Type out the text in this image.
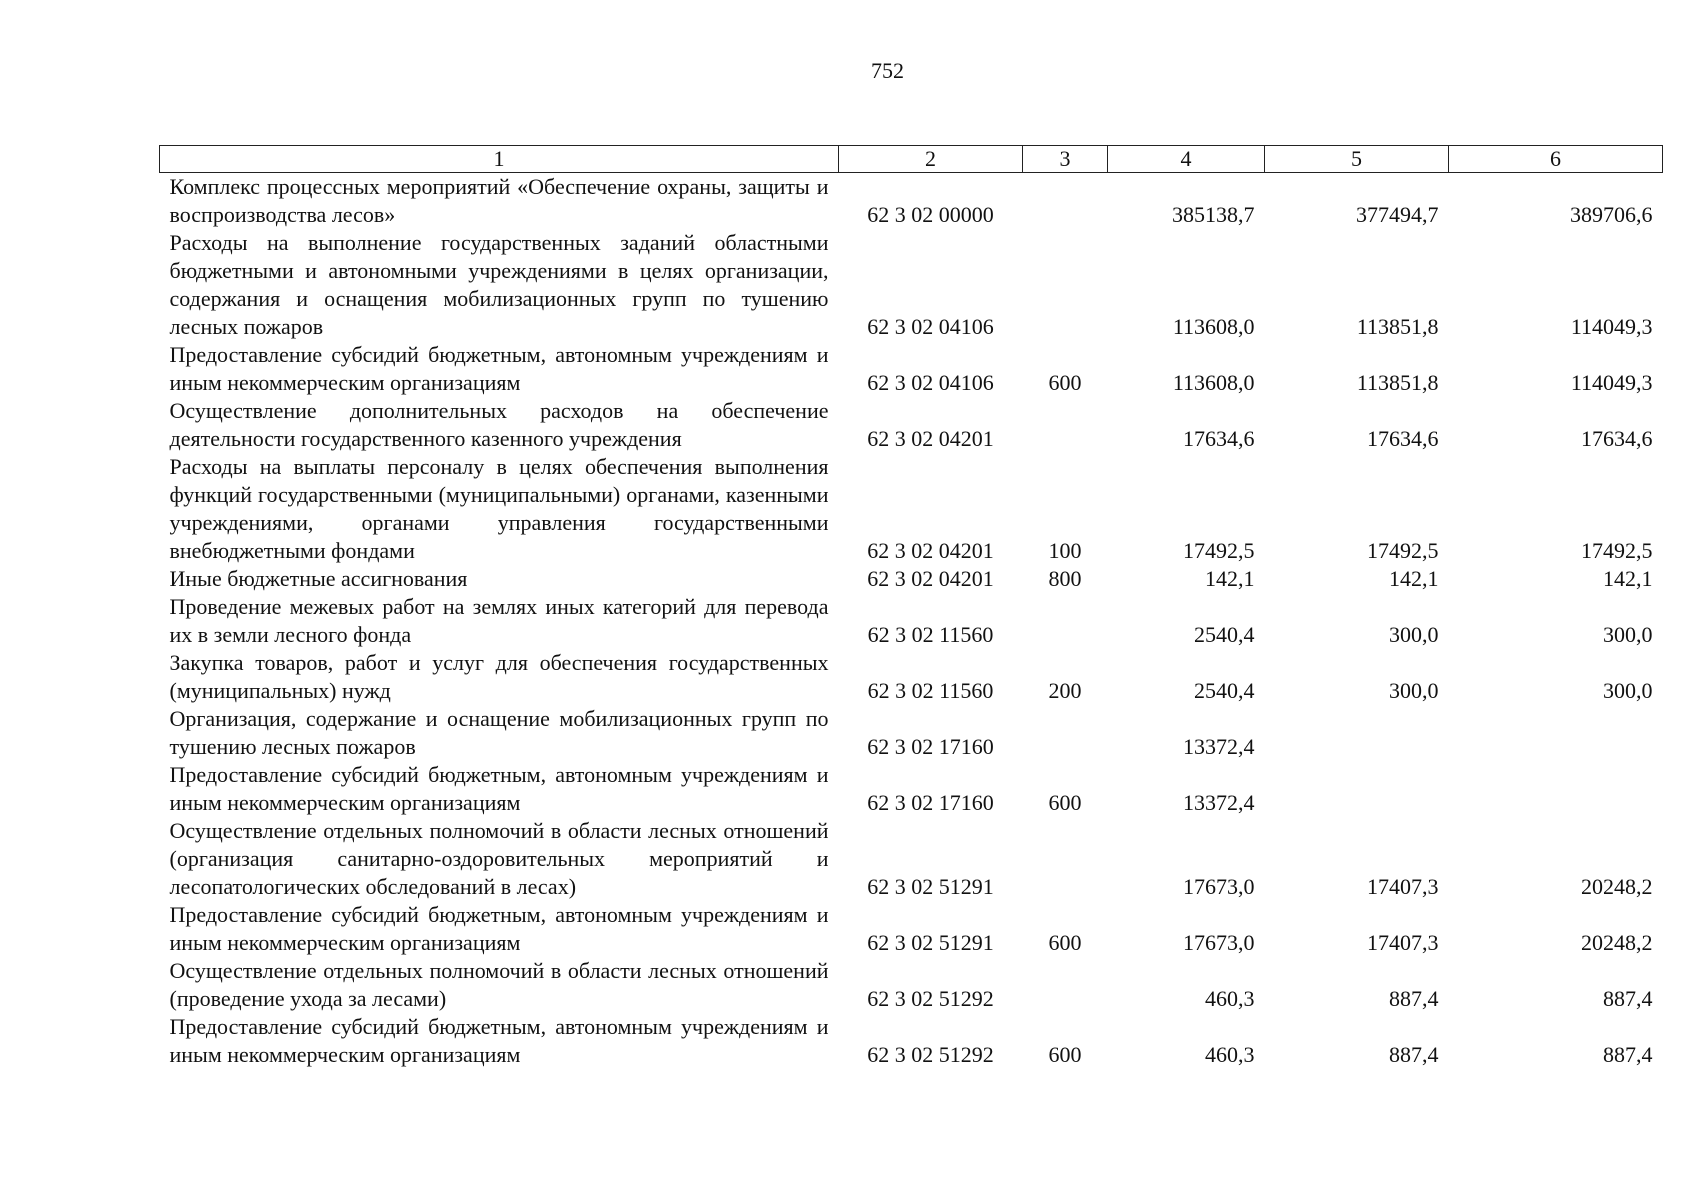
752
1	2	3	4	5	6
Комплекс процессных мероприятий «Обеспечение охраны, защиты и воспроизводства лесов»	62 3 02 00000		385138,7	377494,7	389706,6
Расходы на выполнение государственных заданий областными бюджетными и автономными учреждениями в целях организации, содержания и оснащения мобилизационных групп по тушению лесных пожаров	62 3 02 04106		113608,0	113851,8	114049,3
Предоставление субсидий бюджетным, автономным учреждениям и иным некоммерческим организациям	62 3 02 04106	600	113608,0	113851,8	114049,3
Осуществление дополнительных расходов на обеспечение деятельности государственного казенного учреждения	62 3 02 04201		17634,6	17634,6	17634,6
Расходы на выплаты персоналу в целях обеспечения выполнения функций государственными (муниципальными) органами, казенными учреждениями, органами управления государственными внебюджетными фондами	62 3 02 04201	100	17492,5	17492,5	17492,5
Иные бюджетные ассигнования	62 3 02 04201	800	142,1	142,1	142,1
Проведение межевых работ на землях иных категорий для перевода их в земли лесного фонда	62 3 02 11560		2540,4	300,0	300,0
Закупка товаров, работ и услуг для обеспечения государственных (муниципальных) нужд	62 3 02 11560	200	2540,4	300,0	300,0
Организация, содержание и оснащение мобилизационных групп по тушению лесных пожаров	62 3 02 17160		13372,4		
Предоставление субсидий бюджетным, автономным учреждениям и иным некоммерческим организациям	62 3 02 17160	600	13372,4		
Осуществление отдельных полномочий в области лесных отношений (организация санитарно-оздоровительных мероприятий и лесопатологических обследований в лесах)	62 3 02 51291		17673,0	17407,3	20248,2
Предоставление субсидий бюджетным, автономным учреждениям и иным некоммерческим организациям	62 3 02 51291	600	17673,0	17407,3	20248,2
Осуществление отдельных полномочий в области лесных отношений (проведение ухода за лесами)	62 3 02 51292		460,3	887,4	887,4
Предоставление субсидий бюджетным, автономным учреждениям и иным некоммерческим организациям	62 3 02 51292	600	460,3	887,4	887,4
